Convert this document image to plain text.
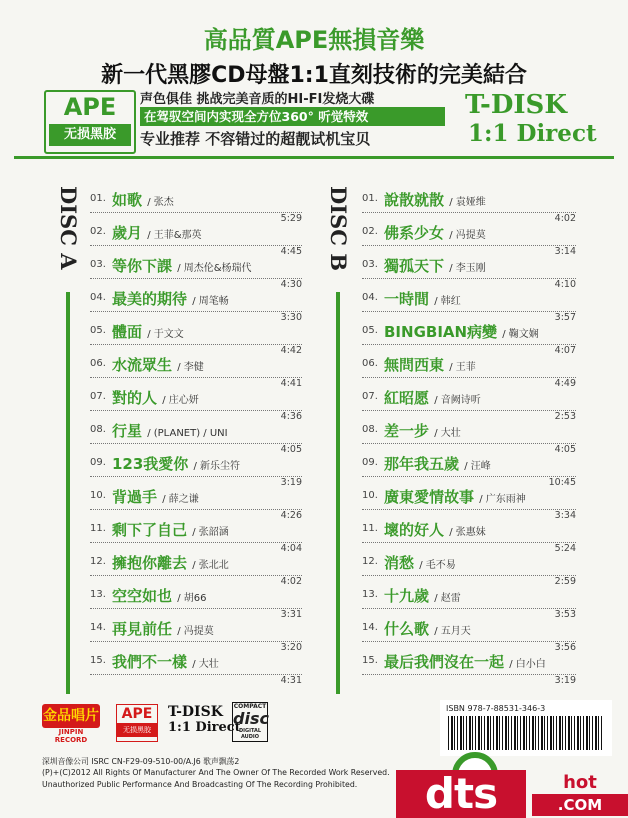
高品質APE無損音樂
新一代黑膠CD母盤1:1直刻技術的完美結合
APE
无损黑胶
声色俱佳 挑战完美音质的HI-FI发烧大碟
在驾驭空间内实现全方位360° 听觉特效
专业推荐 不容错过的超靓试机宝贝
T-DISK
1:1 Direct
DISC A	DISC B
01. 如歌 / 张杰
5:29
02. 歲月 / 王菲&那英
4:45
03. 等你下課 / 周杰伦&杨瑞代
4:30
04. 最美的期待 / 周笔畅
3:30
05. 體面 / 于文文
4:42
06. 水流眾生 / 李健
4:41
07. 對的人 / 庄心妍
4:36
08. 行星 / (PLANET) / UNI
4:05
09. 123我愛你 / 新乐尘符
3:19
10. 背過手 / 薛之谦
4:26
11. 剩下了自己 / 张韶涵
4:04
12. 擁抱你離去 / 张北北
4:02
13. 空空如也 / 胡66
3:31
14. 再見前任 / 冯提莫
3:20
15. 我們不一樣 / 大壮
4:31
01. 說散就散 / 袁娅维
4:02
02. 佛系少女 / 冯提莫
3:14
03. 獨孤天下 / 李玉刚
4:10
04. 一時間 / 韩红
3:57
05. BINGBIAN病變 / 鞠文娴
4:07
06. 無問西東 / 王菲
4:49
07. 紅昭愿 / 音阙诗听
2:53
08. 差一步 / 大壮
4:05
09. 那年我五歲 / 汪峰
10:45
10. 廣東愛情故事 / 广东雨神
3:34
11. 壞的好人 / 张惠妹
5:24
12. 消愁 / 毛不易
2:59
13. 十九歲 / 赵雷
3:53
14. 什么歌 / 五月天
3:56
15. 最后我們沒在一起 / 白小白
3:19
ISBN 978-7-88531-346-3
金品唱片
JINPIN RECORD
APE
无损黑胶
T-DISK
1:1 Direct
COMPACT
disc
DIGITAL AUDIO
深圳音像公司 ISRC CN-F29-09-510-00/A.J6 歌声飘荡2
(P)+(C)2012 All Rights Of Manufacturer And The Owner Of The Recorded Work Reserved.
Unauthorized Public Performance And Broadcasting Of The Recording Prohibited.	dts	hot
.COM
